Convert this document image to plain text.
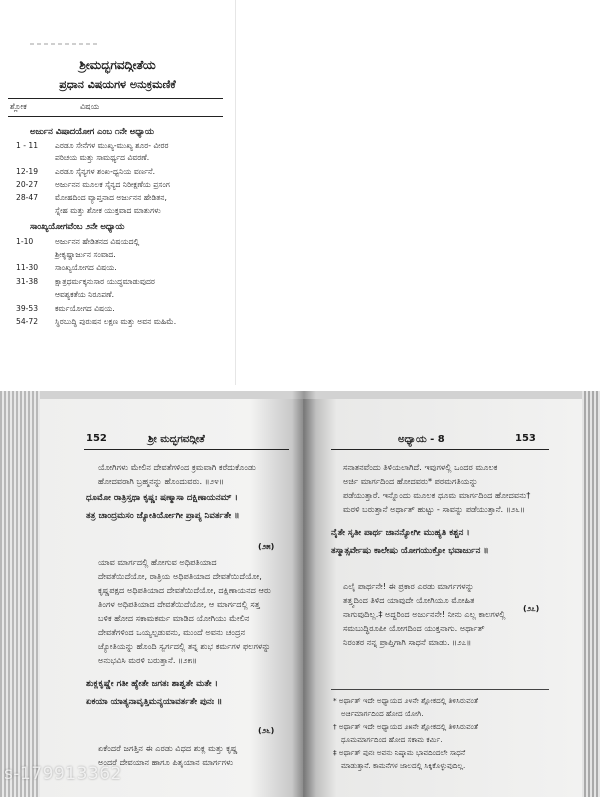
ಶ್ರೀಮದ್ಭಗವದ್ಗೀತೆಯ
ಪ್ರಧಾನ ವಿಷಯಗಳ ಅನುಕ್ರಮಣಿಕೆ
ಶ್ಲೋಕ	ವಿಷಯ
ಅರ್ಜುನ ವಿಷಾದಯೋಗ ಎಂಬ ೧ನೇ ಅಧ್ಯಾಯ
1 - 11 ಎರಡೂ ಸೇನೆಗಳ ಮುಖ್ಯ-ಮುಖ್ಯ ಶೂರ- ವೀರರ
ಪರಿಚಯ ಮತ್ತು ಸಾಮರ್ಥ್ಯದ ವಿವರಣೆ.
12-19 ಎರಡೂ ಸೈನ್ಯಗಳ ಶಂಖ-ಧ್ವನಿಯ ವರ್ಣನೆ.
20-27 ಅರ್ಜುನನ ಮೂಲಕ ಸೈನ್ಯದ ನಿರೀಕ್ಷಣೆಯ ಪ್ರಸಂಗ
28-47 ಮೋಹದಿಂದ ವ್ಯಾಪ್ತನಾದ ಅರ್ಜುನನ ಹೇಡಿತನ,
ಸ್ನೇಹ ಮತ್ತು ಶೋಕ ಯುಕ್ತವಾದ ಮಾತುಗಳು
ಸಾಂಖ್ಯಯೋಗವೆಂಬ ೨ನೇ ಅಧ್ಯಾಯ
1-10	ಅರ್ಜುನನ ಹೇಡಿತನದ ವಿಷಯದಲ್ಲಿ
ಶ್ರೀಕೃಷ್ಣಾರ್ಜುನ ಸಂವಾದ.
11-30 ಸಾಂಖ್ಯಯೋಗದ ವಿಷಯ.
31-38 ಕ್ಷಾತ್ರಧರ್ಮಕ್ಕನುಸಾರ ಯುದ್ಧಮಾಡುವುದರ
ಆವಶ್ಯಕತೆಯ ನಿರೂಪಣೆ.
39-53 ಕರ್ಮಯೋಗದ ವಿಷಯ.
54-72 ಸ್ಥಿರಬುದ್ಧಿ ಪುರುಷನ ಲಕ್ಷಣ ಮತ್ತು ಅವನ ಮಹಿಮೆ.
152	ಶ್ರೀ ಮದ್ಭಗವದ್ಗೀತೆ
ಯೋಗಿಗಳು ಮೇಲಿನ ದೇವತೆಗಳಿಂದ ಕ್ರಮವಾಗಿ ಕರೆದುಕೊಂಡು
ಹೋದವರಾಗಿ ಬ್ರಹ್ಮನನ್ನು ಹೊಂದುವರು. ॥೨೪॥
ಧೂಮೋ ರಾತ್ರಿಸ್ತಥಾ ಕೃಷ್ಣಃ ಷಣ್ಮಾಸಾ ದಕ್ಷಿಣಾಯನಮ್ ।
ತತ್ರ ಚಾಂದ್ರಮಸಂ ಜ್ಯೋತಿರ್ಯೋಗೀ ಪ್ರಾಪ್ಯ ನಿವರ್ತತೇ ॥
ಯಾವ ಮಾರ್ಗದಲ್ಲಿ ಹೋಗುವ ಅಧಿಪತಿಯಾದ
ದೇವತೆಯಿದೆಯೋ, ರಾತ್ರಿಯ ಅಧಿಪತಿಯಾದ ದೇವತೆಯಿದೆಯೋ,
ಕೃಷ್ಣಪಕ್ಷದ ಅಧಿಪತಿಯಾದ ದೇವತೆಯಿದೆಯೋ, ದಕ್ಷಿಣಾಯನದ ಆರು
ತಿಂಗಳ ಅಧಿಪತಿಯಾದ ದೇವತೆಯಿದೆಯೋ, ಆ ಮಾರ್ಗದಲ್ಲಿ ಸತ್ತ
ಬಳಿಕ ಹೋದ ಸಕಾಮಕರ್ಮ ಮಾಡಿದ ಯೋಗಿಯು ಮೇಲಿನ
ದೇವತೆಗಳಿಂದ ಒಯ್ಯಲ್ಪಡುವನು, ಮುಂದೆ ಅವನು ಚಂದ್ರನ
ಜ್ಯೋತಿಯನ್ನು ಹೊಂದಿ ಸ್ವರ್ಗದಲ್ಲಿ ತನ್ನ ಶುಭ ಕರ್ಮಗಳ ಫಲಗಳನ್ನು
ಅನುಭವಿಸಿ ಮರಳಿ ಬರುತ್ತಾನೆ. ॥೨೫॥
ಶುಕ್ಲಕೃಷ್ಣೇ ಗತೀ ಹ್ಯೇತೇ ಜಗತಃ ಶಾಶ್ವತೇ ಮತೇ ।
ಏಕಯಾ ಯಾತ್ಯನಾವೃತ್ತಿಮನ್ಯಯಾವರ್ತತೇ ಪುನಃ ॥
ಏಕೆಂದರೆ ಜಗತ್ತಿನ ಈ ಎರಡು ವಿಧದ ಶುಕ್ಲ ಮತ್ತು ಕೃಷ್ಣ
ಅಂದರೆ ದೇವಯಾನ ಹಾಗೂ ಪಿತೃಯಾನ ಮಾರ್ಗಗಳು
(೨೫)
(೨೬)
ಅಧ್ಯಾಯ - 8	153
ಸನಾತನವೆಂದು ತಿಳಿಯಲಾಗಿದೆ. ಇವುಗಳಲ್ಲಿ ಒಂದರ ಮೂಲಕ
ಅರ್ಚಿ ಮಾರ್ಗದಿಂದ ಹೋದವರು* ಪರಮಗತಿಯನ್ನು
ಪಡೆಯುತ್ತಾರೆ. ಇನ್ನೊಂದು ಮೂಲಕ ಧೂಮ ಮಾರ್ಗದಿಂದ ಹೋದವನು†
ಮರಳಿ ಬರುತ್ತಾನೆ ಅರ್ಥಾತ್ ಹುಟ್ಟು - ಸಾವನ್ನು ಪಡೆಯುತ್ತಾನೆ. ॥೨೬॥
ನೈತೇ ಸೃತೀ ಪಾರ್ಥ ಜಾನನ್ಯೋಗೀ ಮುಹ್ಯತಿ ಕಶ್ಚನ ।
ತಸ್ಮಾತ್ಸರ್ವೇಷು ಕಾಲೇಷು ಯೋಗಯುಕ್ತೋ ಭವಾರ್ಜುನ ॥
ಎಲೈ ಪಾರ್ಥನೇ! ಈ ಪ್ರಕಾರ ಎರಡು ಮಾರ್ಗಗಳನ್ನು
ತತ್ತ್ವದಿಂದ ತಿಳಿದ ಯಾವುದೇ ಯೋಗಿಯೂ ಮೋಹಿತ
ನಾಗುವುದಿಲ್ಲ.‡ ಅದ್ದರಿಂದ ಅರ್ಜುನನೇ! ನೀನು ಎಲ್ಲ ಕಾಲಗಳಲ್ಲಿ
ಸಮಬುದ್ಧಿರೂಪೀ ಯೋಗದಿಂದ ಯುಕ್ತನಾಗು. ಅರ್ಥಾತ್
ನಿರಂತರ ನನ್ನ ಪ್ರಾಪ್ತಿಗಾಗಿ ಸಾಧನೆ ಮಾಡು. ॥೨೭॥
(೨೭)
* ಅರ್ಥಾತ್ ಇದೇ ಅಧ್ಯಾಯದ ೨೪ನೇ ಶ್ಲೋಕದಲ್ಲಿ ತಿಳಿಸಿರುವಂತೆ
ಅರ್ಚಿಮಾರ್ಗದಿಂದ ಹೋದ ಯೋಗಿ.
† ಅರ್ಥಾತ್ ಇದೇ ಅಧ್ಯಾಯದ ೨೫ನೇ ಶ್ಲೋಕದಲ್ಲಿ ತಿಳಿಸಿರುವಂತೆ
ಧೂಮಮಾರ್ಗದಿಂದ ಹೋದ ಸಕಾಮ ಕರ್ಮಿ.
‡ ಅರ್ಥಾತ್ ಪುನಃ ಅವನು ನಿಷ್ಕಾಮ ಭಾವದಿಂದಲೇ ಸಾಧನೆ
ಮಾಡುತ್ತಾನೆ. ಕಾಮನೆಗಳ ಜಾಲದಲ್ಲಿ ಸಿಕ್ಕಿಕೊಳ್ಳುವುದಿಲ್ಲ.
s-179913362
